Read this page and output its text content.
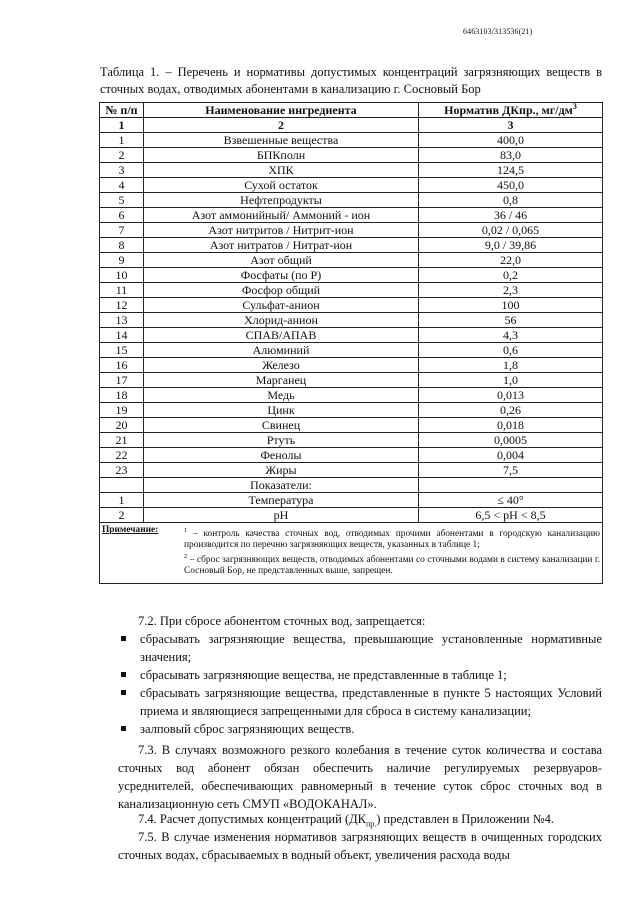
6463103/313536(21)
Таблица 1. – Перечень и нормативы допустимых концентраций загрязняющих веществ в сточных водах, отводимых абонентами в канализацию г. Сосновый Бор
№ п/п	Наименование ингредиента	Норматив ДКпр., $мг/дм^3$
1	2	3
1	Взвешенные вещества	400,0
2	БПКполн	83,0
3	ХПК	124,5
4	Сухой остаток	450,0
5	Нефтепродукты	0,8
6	Азот аммонийный/ Аммоний - ион	36 / 46
7	Азот нитритов / Нитрит-ион	0,02 / 0,065
8	Азот нитратов / Нитрат-ион	9,0 / 39,86
9	Азот общий	22,0
10	Фосфаты (по P)	0,2
11	Фосфор общий	2,3
12	Сульфат-анион	100
13	Хлорид-анион	56
14	СПАВ/АПАВ	4,3
15	Алюминий	0,6
16	Железо	1,8
17	Марганец	1,0
18	Медь	0,013
19	Цинк	0,26
20	Свинец	0,018
21	Ртуть	0,0005
22	Фенолы	0,004
23	Жиры	7,5
	Показатели:	
1	Температура	≤ 40°
2	pH	6,5 < pH < 8,5

Примечание: $^1$ – контроль качества сточных вод, отводимых прочими абонентами в городскую канализацию производится по перечню загрязняющих веществ, указанных в таблице 1;
$^2$ – сброс загрязняющих веществ, отводимых абонентами со сточными водами в систему канализации г. Сосновый Бор, не представленных выше, запрещен.		
7.2. При сбросе абонентом сточных вод, запрещается:
сбрасывать загрязняющие вещества, превышающие установленные нормативные значения;
сбрасывать загрязняющие вещества, не представленные в таблице 1;
сбрасывать загрязняющие вещества, представленные в пункте 5 настоящих Условий приема и являющиеся запрещенными для сброса в систему канализации;
залповый сброс загрязняющих веществ.
7.3. В случаях возможного резкого колебания в течение суток количества и состава сточных вод абонент обязан обеспечить наличие регулируемых резервуаров-усреднителей, обеспечивающих равномерный в течение суток сброс сточных вод в канализационную сеть СМУП «ВОДОКАНАЛ».
7.4. Расчет допустимых концентраций $(ДК_{пр.})$ представлен в Приложении №4.
7.5. В случае изменения нормативов загрязняющих веществ в очищенных городских сточных водах, сбрасываемых в водный объект, увеличения расхода воды
